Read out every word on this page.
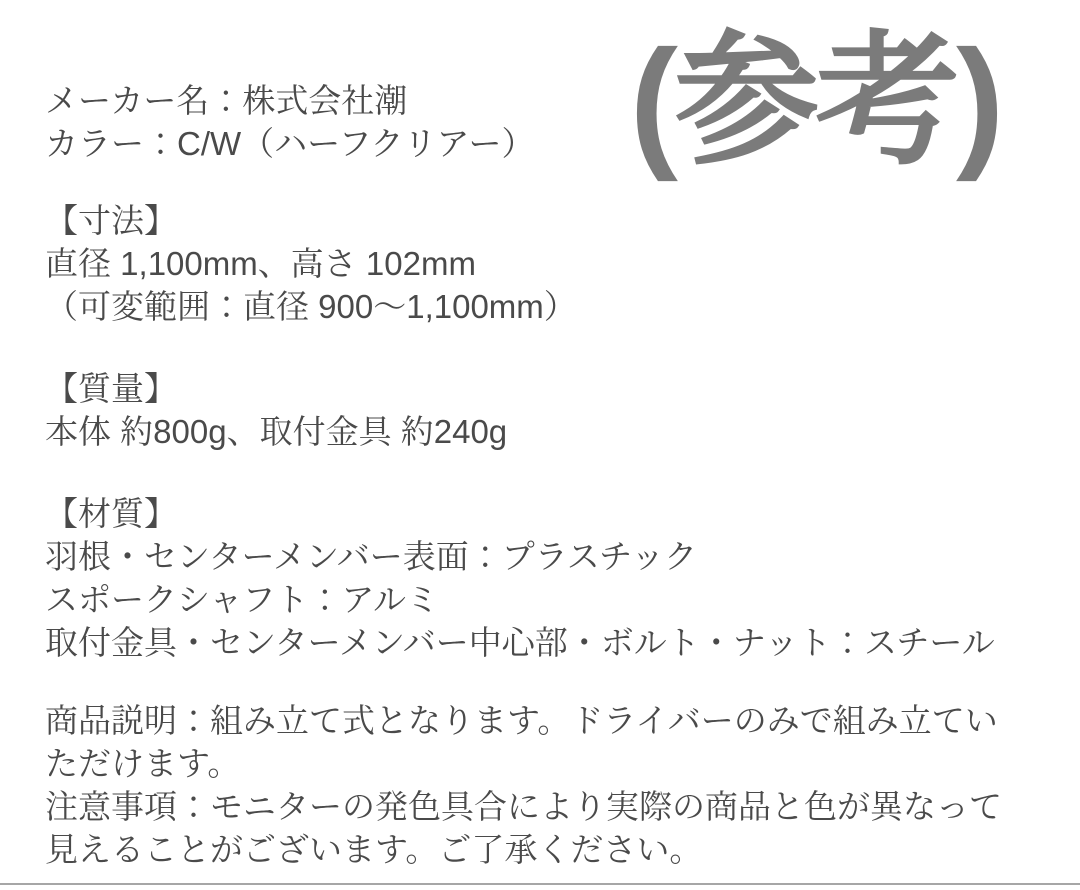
(参考)
メーカー名：株式会社潮
カラー：C/W（ハーフクリアー）
【寸法】
直径 1,100mm、高さ 102mm
（可変範囲：直径 900〜1,100mm）
【質量】
本体 約800g、取付金具 約240g
【材質】
羽根・センターメンバー表面：プラスチック
スポークシャフト：アルミ
取付金具・センターメンバー中心部・ボルト・ナット：スチール
商品説明：組み立て式となります。ドライバーのみで組み立てい
ただけます。
注意事項：モニターの発色具合により実際の商品と色が異なって
見えることがございます。ご了承ください。
